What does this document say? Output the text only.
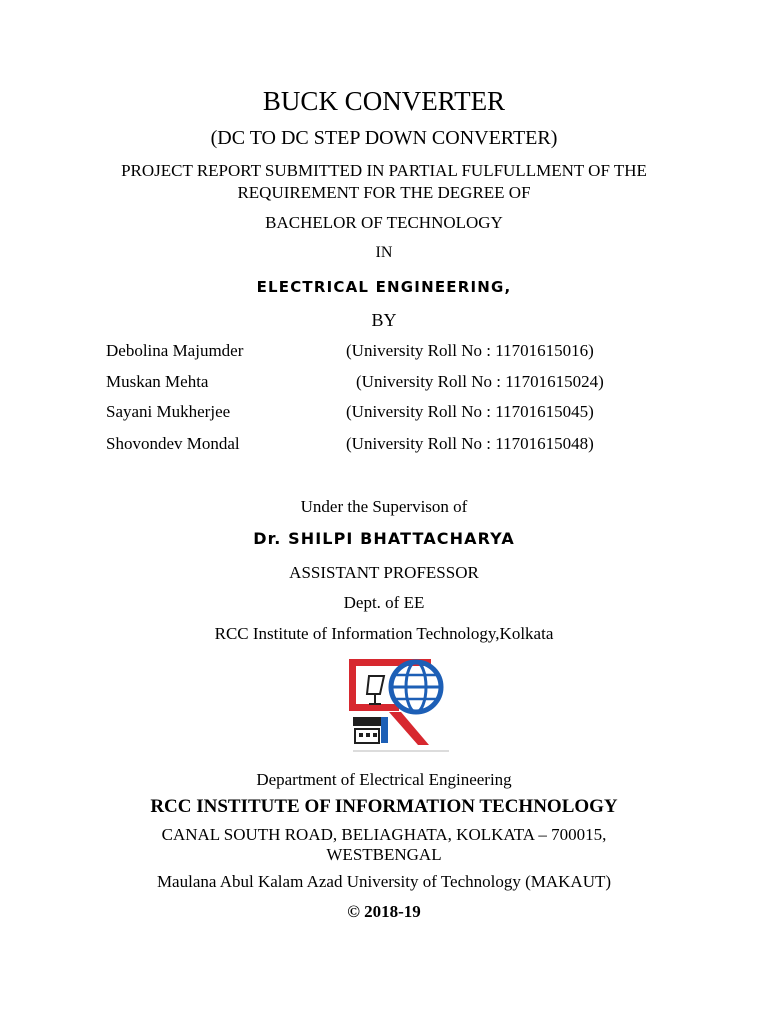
BUCK CONVERTER
(DC TO DC STEP DOWN CONVERTER)
PROJECT REPORT SUBMITTED IN PARTIAL FULFULLMENT OF THE
REQUIREMENT FOR THE DEGREE OF
BACHELOR OF TECHNOLOGY
IN
ELECTRICAL ENGINEERING,
BY
Debolina Majumder	(University Roll No : 11701615016)
Muskan Mehta	(University Roll No : 11701615024)
Sayani Mukherjee	(University Roll No : 11701615045)
Shovondev Mondal	(University Roll No : 11701615048)
Under the Supervison of
Dr. SHILPI BHATTACHARYA
ASSISTANT PROFESSOR
Dept. of EE
RCC Institute of Information Technology,Kolkata
Department of Electrical Engineering
RCC INSTITUTE OF INFORMATION TECHNOLOGY
CANAL SOUTH ROAD, BELIAGHATA, KOLKATA – 700015,
WESTBENGAL
Maulana Abul Kalam Azad University of Technology (MAKAUT)
© 2018-19
